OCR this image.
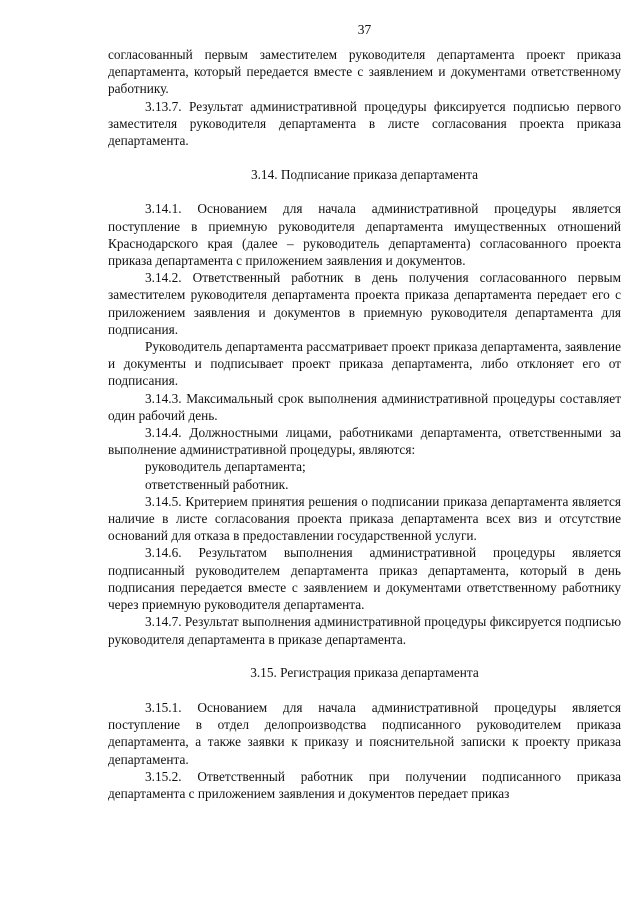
37

согласованный первым заместителем руководителя департамента проект приказа департамента, который передается вместе с заявлением и документами ответственному работнику.

3.13.7. Результат административной процедуры фиксируется подписью первого заместителя руководителя департамента в листе согласования проекта приказа департамента.

3.14. Подписание приказа департамента

3.14.1. Основанием для начала административной процедуры является поступление в приемную руководителя департамента имущественных отношений Краснодарского края (далее – руководитель департамента) согласованного проекта приказа департамента с приложением заявления и документов.

3.14.2. Ответственный работник в день получения согласованного первым заместителем руководителя департамента проекта приказа департамента передает его с приложением заявления и документов в приемную руководителя департамента для подписания.

Руководитель департамента рассматривает проект приказа департамента, заявление и документы и подписывает проект приказа департамента, либо отклоняет его от подписания.

3.14.3. Максимальный срок выполнения административной процедуры составляет один рабочий день.

3.14.4. Должностными лицами, работниками департамента, ответственными за выполнение административной процедуры, являются:

руководитель департамента;

ответственный работник.

3.14.5. Критерием принятия решения о подписании приказа департамента является наличие в листе согласования проекта приказа департамента всех виз и отсутствие оснований для отказа в предоставлении государственной услуги.

3.14.6. Результатом выполнения административной процедуры является подписанный руководителем департамента приказ департамента, который в день подписания передается вместе с заявлением и документами ответственному работнику через приемную руководителя департамента.

3.14.7. Результат выполнения административной процедуры фиксируется подписью руководителя департамента в приказе департамента.

3.15. Регистрация приказа департамента

3.15.1. Основанием для начала административной процедуры является поступление в отдел делопроизводства подписанного руководителем приказа департамента, а также заявки к приказу и пояснительной записки к проекту приказа департамента.

3.15.2. Ответственный работник при получении подписанного приказа департамента с приложением заявления и документов передает приказ
